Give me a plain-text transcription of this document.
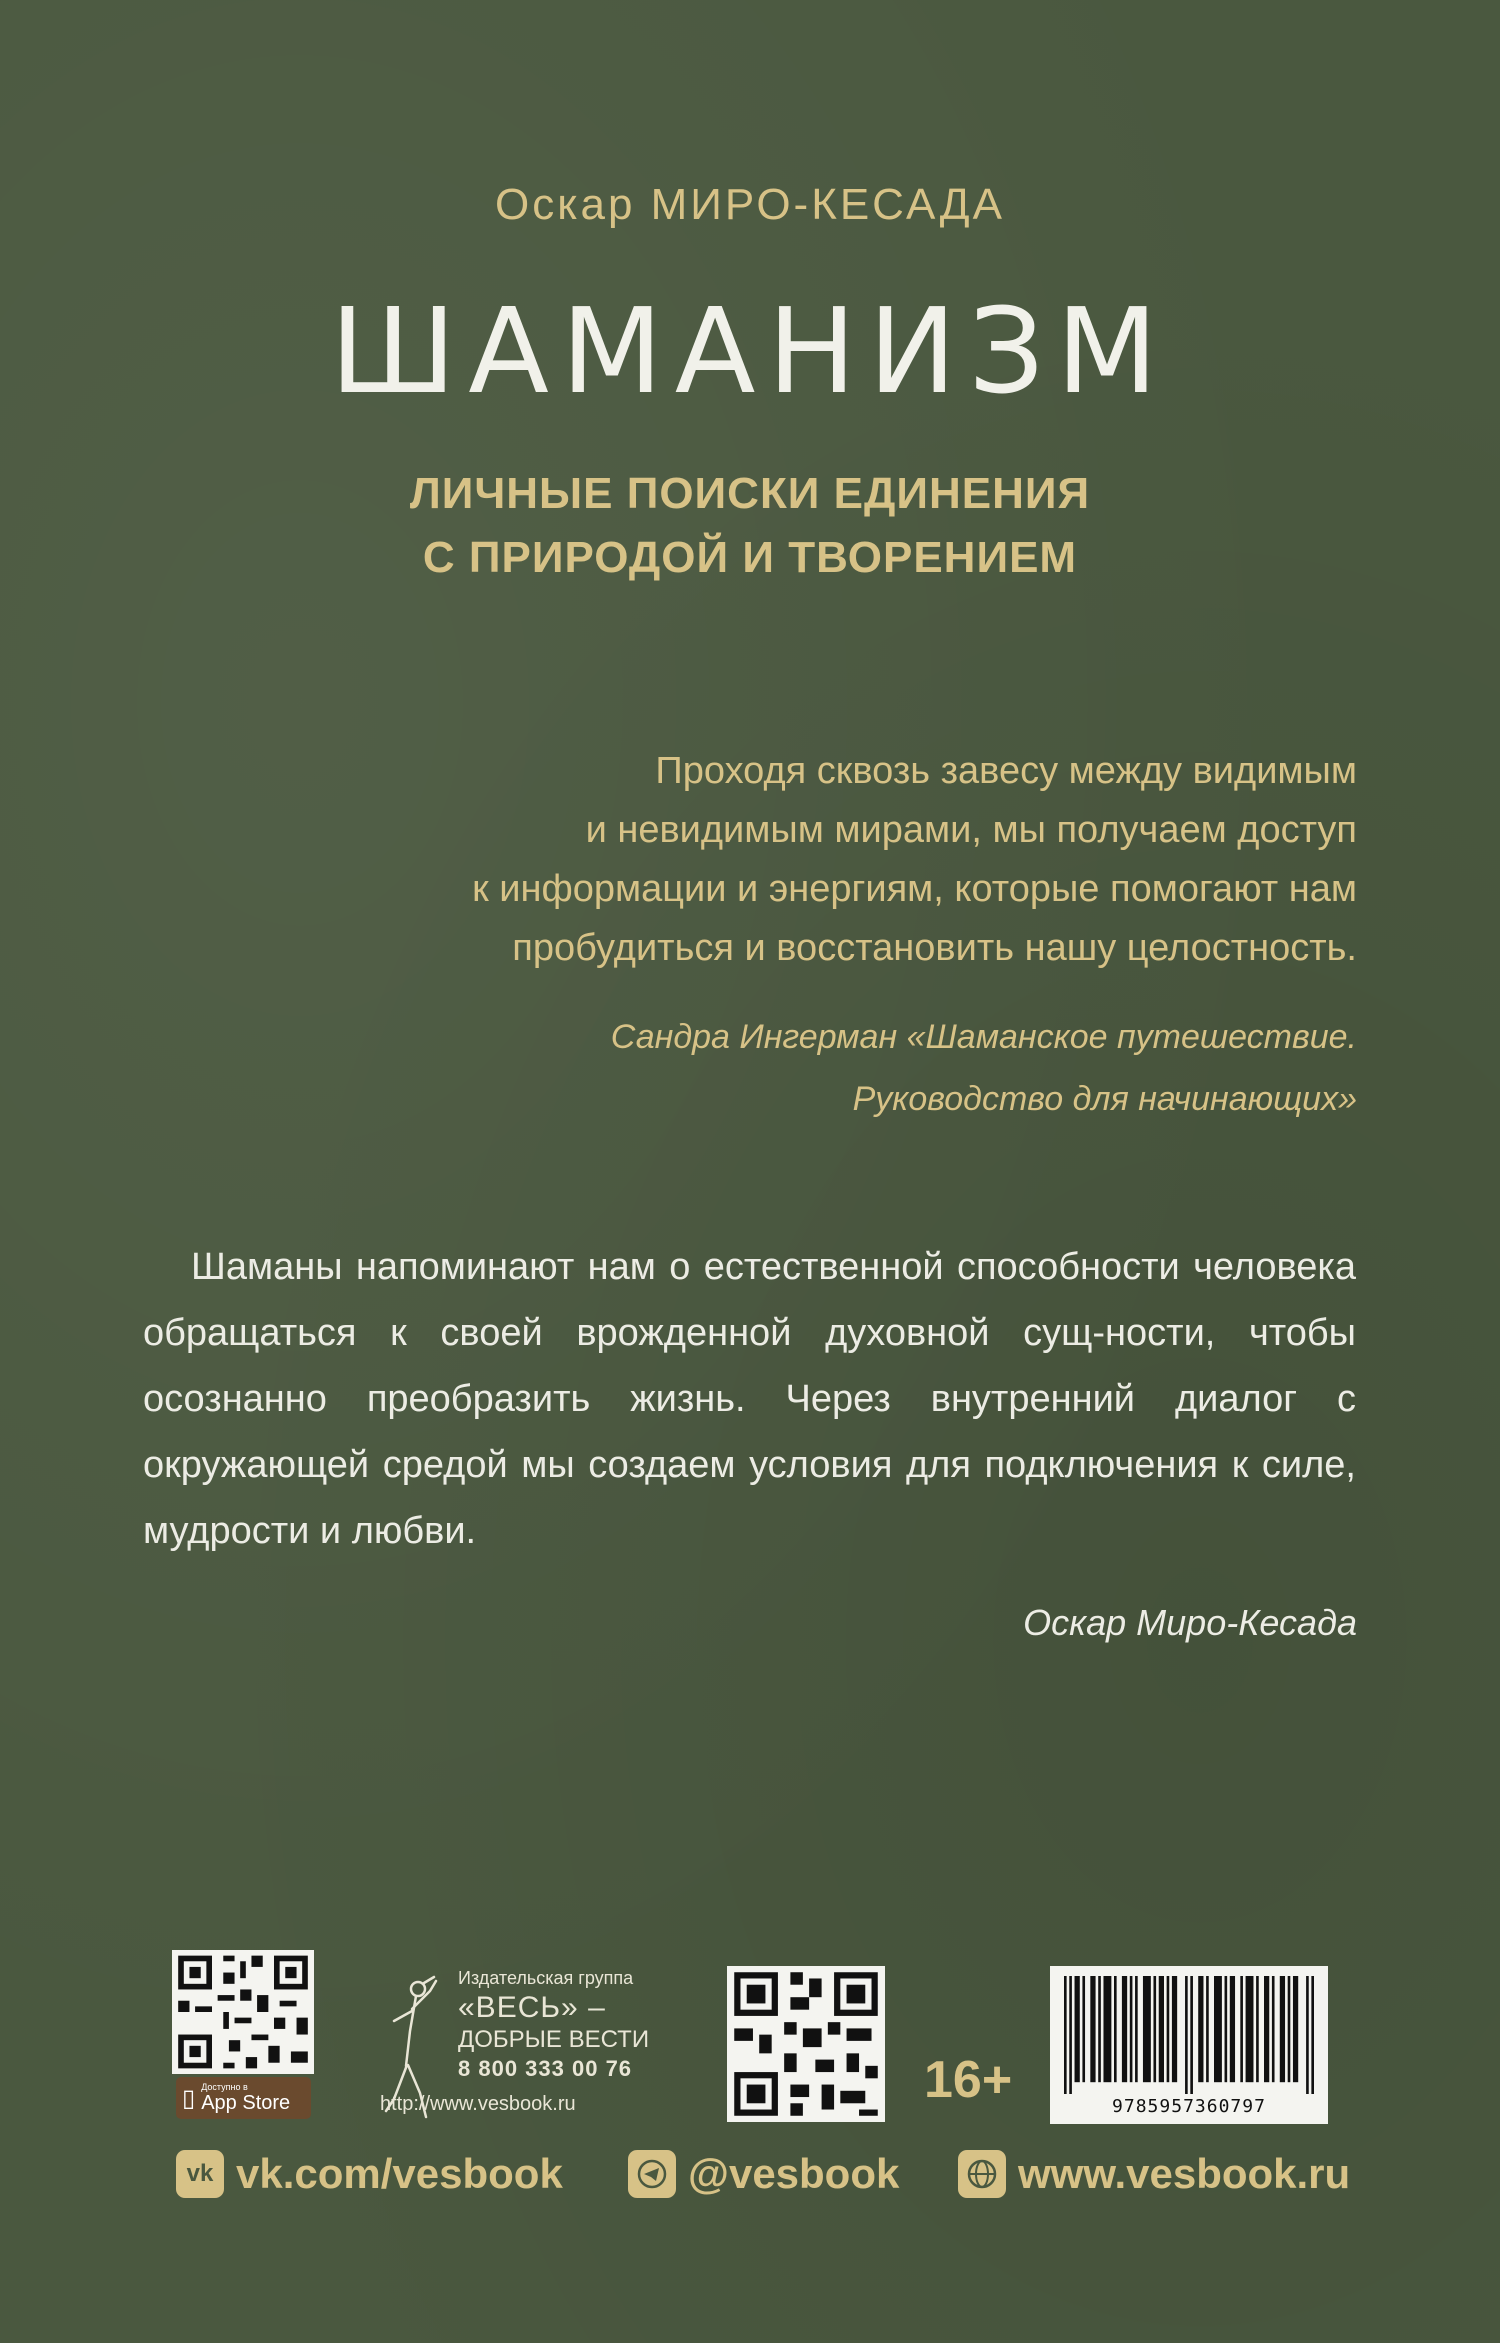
Оскар МИРО-КЕСАДА
ШАМАНИЗМ
ЛИЧНЫЕ ПОИСКИ ЕДИНЕНИЯ
С ПРИРОДОЙ И ТВОРЕНИЕМ
Проходя сквозь завесу между видимым
и невидимым мирами, мы получаем доступ
к информации и энергиям, которые помогают нам
пробудиться и восстановить нашу целостность.
Сандра Ингерман «Шаманское путешествие.
Руководство для начинающих»
Шаманы напоминают нам о естественной способности человека обращаться к своей врожденной духовной сущ-ности, чтобы осознанно преобразить жизнь. Через внутренний диалог с окружающей средой мы создаем условия для подключения к силе, мудрости и любви.
Оскар Миро-Кесада
▯ Доступно в
App Store
Издательская группа
«ВЕСЬ» –
ДОБРЫЕ ВЕСТИ
8 800 333 00 76
http://www.vesbook.ru	16+	9785957360797
vk vk.com/vesbook	@vesbook	www.vesbook.ru
